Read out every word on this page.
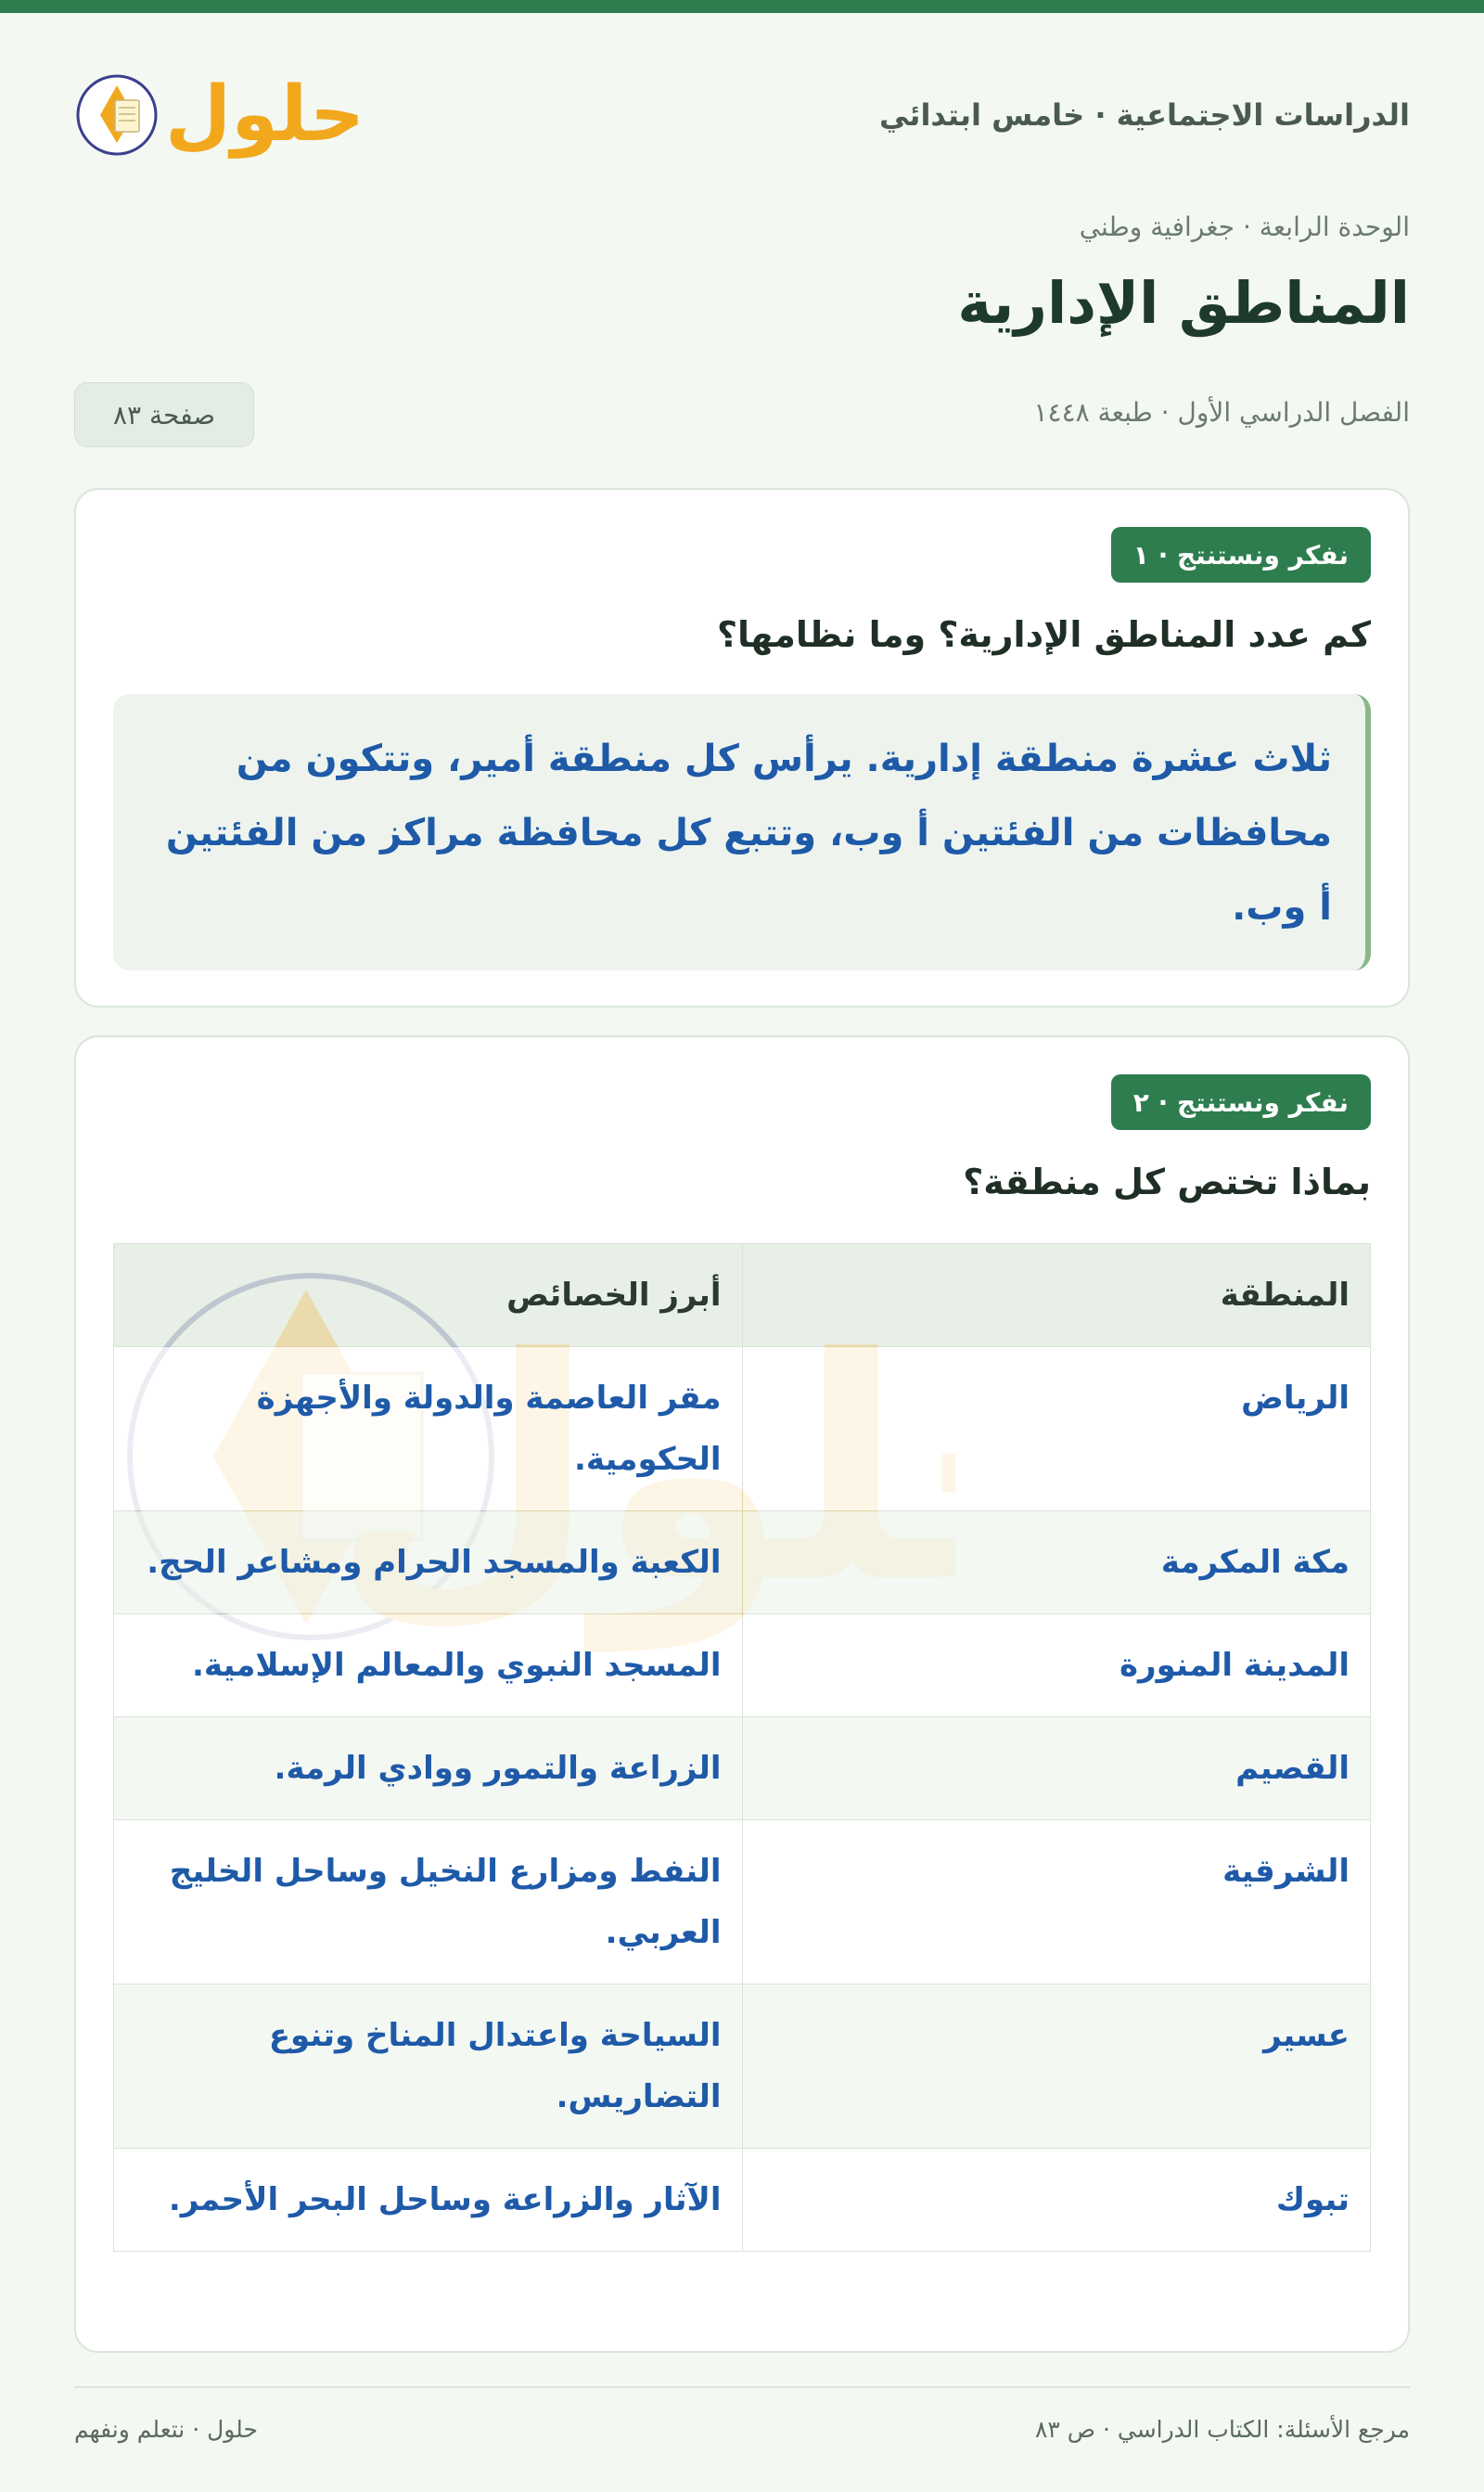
الدراسات الاجتماعية · خامس ابتدائي
حلول
الوحدة الرابعة · جغرافية وطني
المناطق الإدارية
الفصل الدراسي الأول · طبعة ١٤٤٨
صفحة ٨٣
نفكر ونستنتج · ١
كم عدد المناطق الإدارية؟ وما نظامها؟
ثلاث عشرة منطقة إدارية. يرأس كل منطقة أمير، وتتكون من محافظات من الفئتين أ وب، وتتبع كل محافظة مراكز من الفئتين أ وب.
نفكر ونستنتج · ٢
بماذا تختص كل منطقة؟
المنطقة	أبرز الخصائص
الرياض	مقر العاصمة والدولة والأجهزة الحكومية.
مكة المكرمة	الكعبة والمسجد الحرام ومشاعر الحج.
المدينة المنورة	المسجد النبوي والمعالم الإسلامية.
القصيم	الزراعة والتمور ووادي الرمة.
الشرقية	النفط ومزارع النخيل وساحل الخليج العربي.
عسير	السياحة واعتدال المناخ وتنوع التضاريس.
تبوك	الآثار والزراعة وساحل البحر الأحمر.
مرجع الأسئلة: الكتاب الدراسي · ص ٨٣
حلول · نتعلم ونفهم
